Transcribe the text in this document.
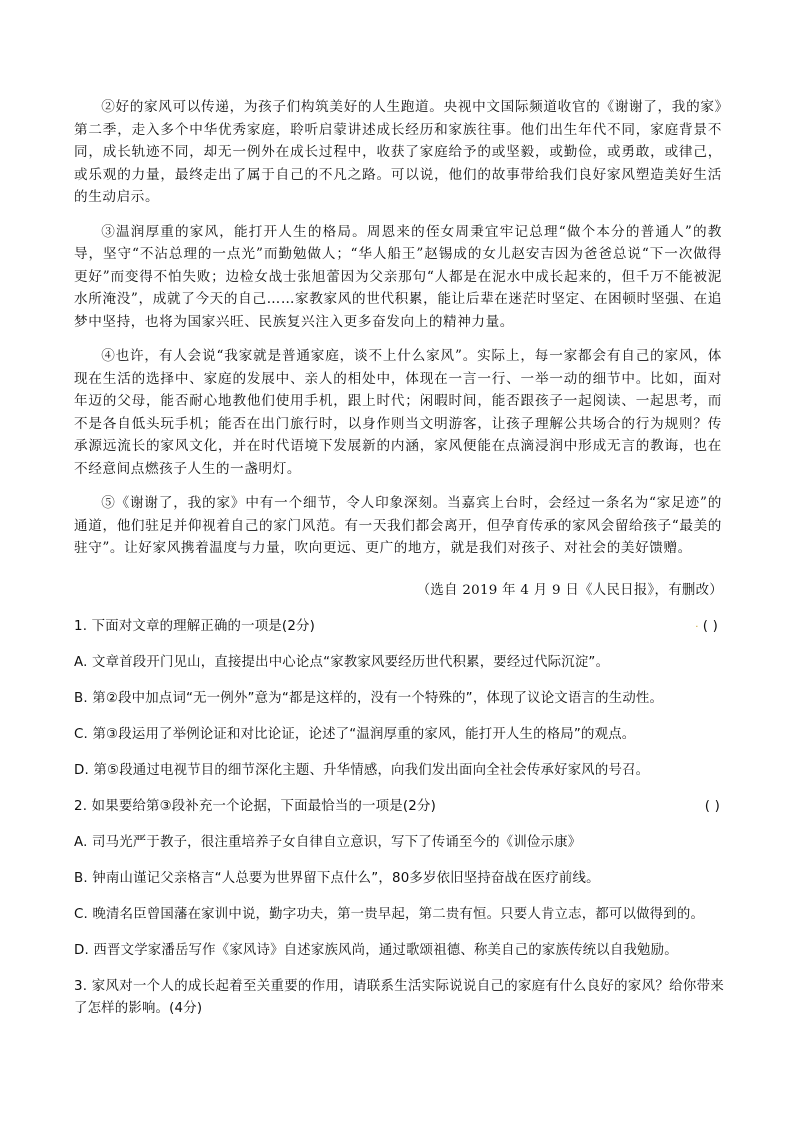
②好的家风可以传递，为孩子们构筑美好的人生跑道。央视中文国际频道收官的《谢谢了，我的家》第二季，走入多个中华优秀家庭，聆听启蒙讲述成长经历和家族往事。他们出生年代不同，家庭背景不同，成长轨迹不同，却无一例外在成长过程中，收获了家庭给予的或坚毅，或勤俭，或勇敢，或律己，或乐观的力量，最终走出了属于自己的不凡之路。可以说，他们的故事带给我们良好家风塑造美好生活的生动启示。

③温润厚重的家风，能打开人生的格局。周恩来的侄女周秉宜牢记总理“做个本分的普通人”的教导，坚守“不沾总理的一点光”而勤勉做人；“华人船王”赵锡成的女儿赵安吉因为爸爸总说“下一次做得更好”而变得不怕失败；边检女战士张旭蕾因为父亲那句“人都是在泥水中成长起来的，但千万不能被泥水所淹没”，成就了今天的自己……家教家风的世代积累，能让后辈在迷茫时坚定、在困顿时坚强、在追梦中坚持，也将为国家兴旺、民族复兴注入更多奋发向上的精神力量。

④也许，有人会说“我家就是普通家庭，谈不上什么家风”。实际上，每一家都会有自己的家风，体现在生活的选择中、家庭的发展中、亲人的相处中，体现在一言一行、一举一动的细节中。比如，面对年迈的父母，能否耐心地教他们使用手机，跟上时代；闲暇时间，能否跟孩子一起阅读、一起思考，而不是各自低头玩手机；能否在出门旅行时，以身作则当文明游客，让孩子理解公共场合的行为规则？传承源远流长的家风文化，并在时代语境下发展新的内涵，家风便能在点滴浸润中形成无言的教诲，也在不经意间点燃孩子人生的一盏明灯。

⑤《谢谢了，我的家》中有一个细节，令人印象深刻。当嘉宾上台时，会经过一条名为“家足迹”的通道，他们驻足并仰视着自己的家门风范。有一天我们都会离开，但孕育传承的家风会留给孩子“最美的驻守”。让好家风携着温度与力量，吹向更远、更广的地方，就是我们对孩子、对社会的美好馈赠。

（选自 2019 年 4 月 9 日《人民日报》，有删改）
1. 下面对文章的理解正确的一项是(2分)	· ( )
A. 文章首段开门见山，直接提出中心论点“家教家风要经历世代积累，要经过代际沉淀”。
B. 第②段中加点词“无一例外”意为“都是这样的，没有一个特殊的”，体现了议论文语言的生动性。
C. 第③段运用了举例论证和对比论证，论述了“温润厚重的家风，能打开人生的格局”的观点。
D. 第⑤段通过电视节目的细节深化主题、升华情感，向我们发出面向全社会传承好家风的号召。
2. 如果要给第③段补充一个论据，下面最恰当的一项是(2分)	( )
A. 司马光严于教子，很注重培养子女自律自立意识，写下了传诵至今的《训俭示康》
B. 钟南山谨记父亲格言“人总要为世界留下点什么”，80多岁依旧坚持奋战在医疗前线。
C. 晚清名臣曾国藩在家训中说，勤字功夫，第一贵早起，第二贵有恒。只要人肯立志，都可以做得到的。
D. 西晋文学家潘岳写作《家风诗》自述家族风尚，通过歌颂祖德、称美自己的家族传统以自我勉励。
3. 家风对一个人的成长起着至关重要的作用，请联系生活实际说说自己的家庭有什么良好的家风？给你带来了怎样的影响。(4分)
